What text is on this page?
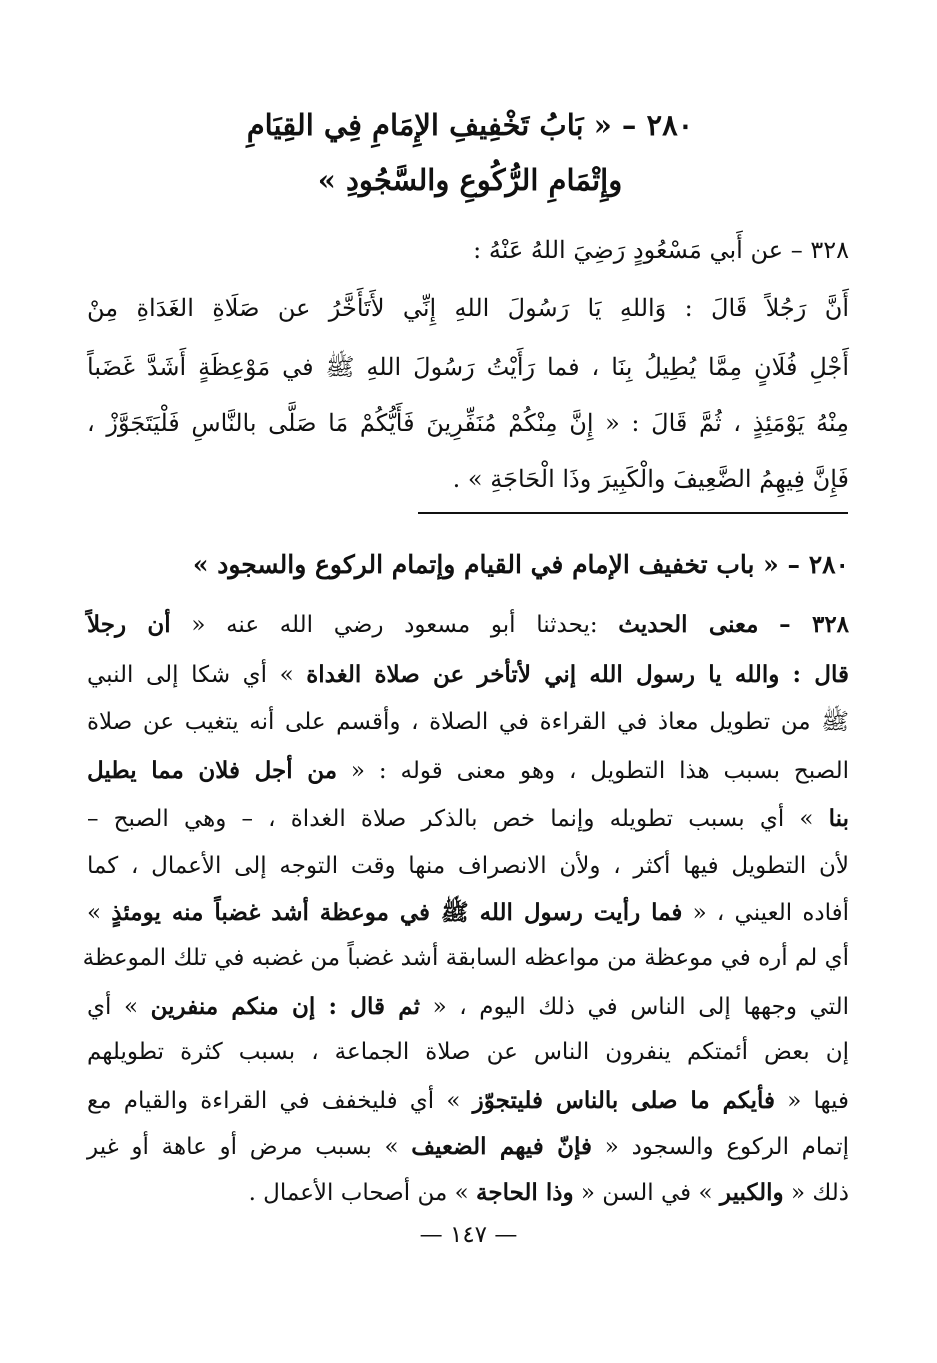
٢٨٠ – « بَابُ تَخْفِيفِ الإِمَامِ فِي القِيَامِ
وإِتْمَامِ الرُّكُوعِ والسَّجُودِ »
٣٢٨ – عن أَبي مَسْعُودٍ رَضِيَ اللهُ عَنْهُ :
أَنَّ رَجُلاً قَالَ : وَاللهِ يَا رَسُولَ اللهِ إِنِّي لأَتَأَخَّرُ عن صَلَاةِ الغَدَاةِ مِنْ
أَجْلِ فُلَانٍ مِمَّا يُطِيلُ بِنَا ، فما رَأَيْتُ رَسُولَ اللهِ ﷺ في مَوْعِظَةٍ أَشَدَّ غَضَباً
مِنْهُ يَوْمَئِذٍ ، ثُمَّ قَالَ : « إِنَّ مِنْكُمْ مُنَفِّرِينَ فَأَيُّكُمْ مَا صَلَّى بالنَّاسِ فَلْيَتَجَوَّزْ ،
فَإِنَّ فِيهِمُ الضَّعِيفَ والْكَبِيرَ وذَا الْحَاجَةِ » .
٢٨٠ – « باب تخفيف الإمام في القيام وإتمام الركوع والسجود »
٣٢٨ – معنى الحديث :يحدثنا أبو مسعود رضي الله عنه « أن رجلاً
قال : والله يا رسول الله إني لأتأخر عن صلاة الغداة » أي شكا إلى النبي
ﷺ من تطويل معاذ في القراءة في الصلاة ، وأقسم على أنه يتغيب عن صلاة
الصبح بسبب هذا التطويل ، وهو معنى قوله : « من أجل فلان مما يطيل
بنا » أي بسبب تطويله وإنما خص بالذكر صلاة الغداة ، – وهي الصبح –
لأن التطويل فيها أكثر ، ولأن الانصراف منها وقت التوجه إلى الأعمال ، كما
أفاده العيني ، « فما رأيت رسول الله ﷺ في موعظة أشد غضباً منه يومئذٍ »
أي لم أره في موعظة من مواعظه السابقة أشد غضباً من غضبه في تلك الموعظة
التي وجهها إلى الناس في ذلك اليوم ، « ثم قال : إن منكم منفرين » أي
إن بعض أئمتكم ينفرون الناس عن صلاة الجماعة ، بسبب كثرة تطويلهم
فيها « فأيكم ما صلى بالناس فليتجوّز » أي فليخفف في القراءة والقيام مع
إتمام الركوع والسجود « فإنّ فيهم الضعيف » بسبب مرض أو عاهة أو غير
ذلك « والكبير » في السن « وذا الحاجة » من أصحاب الأعمال .
— ١٤٧ —
